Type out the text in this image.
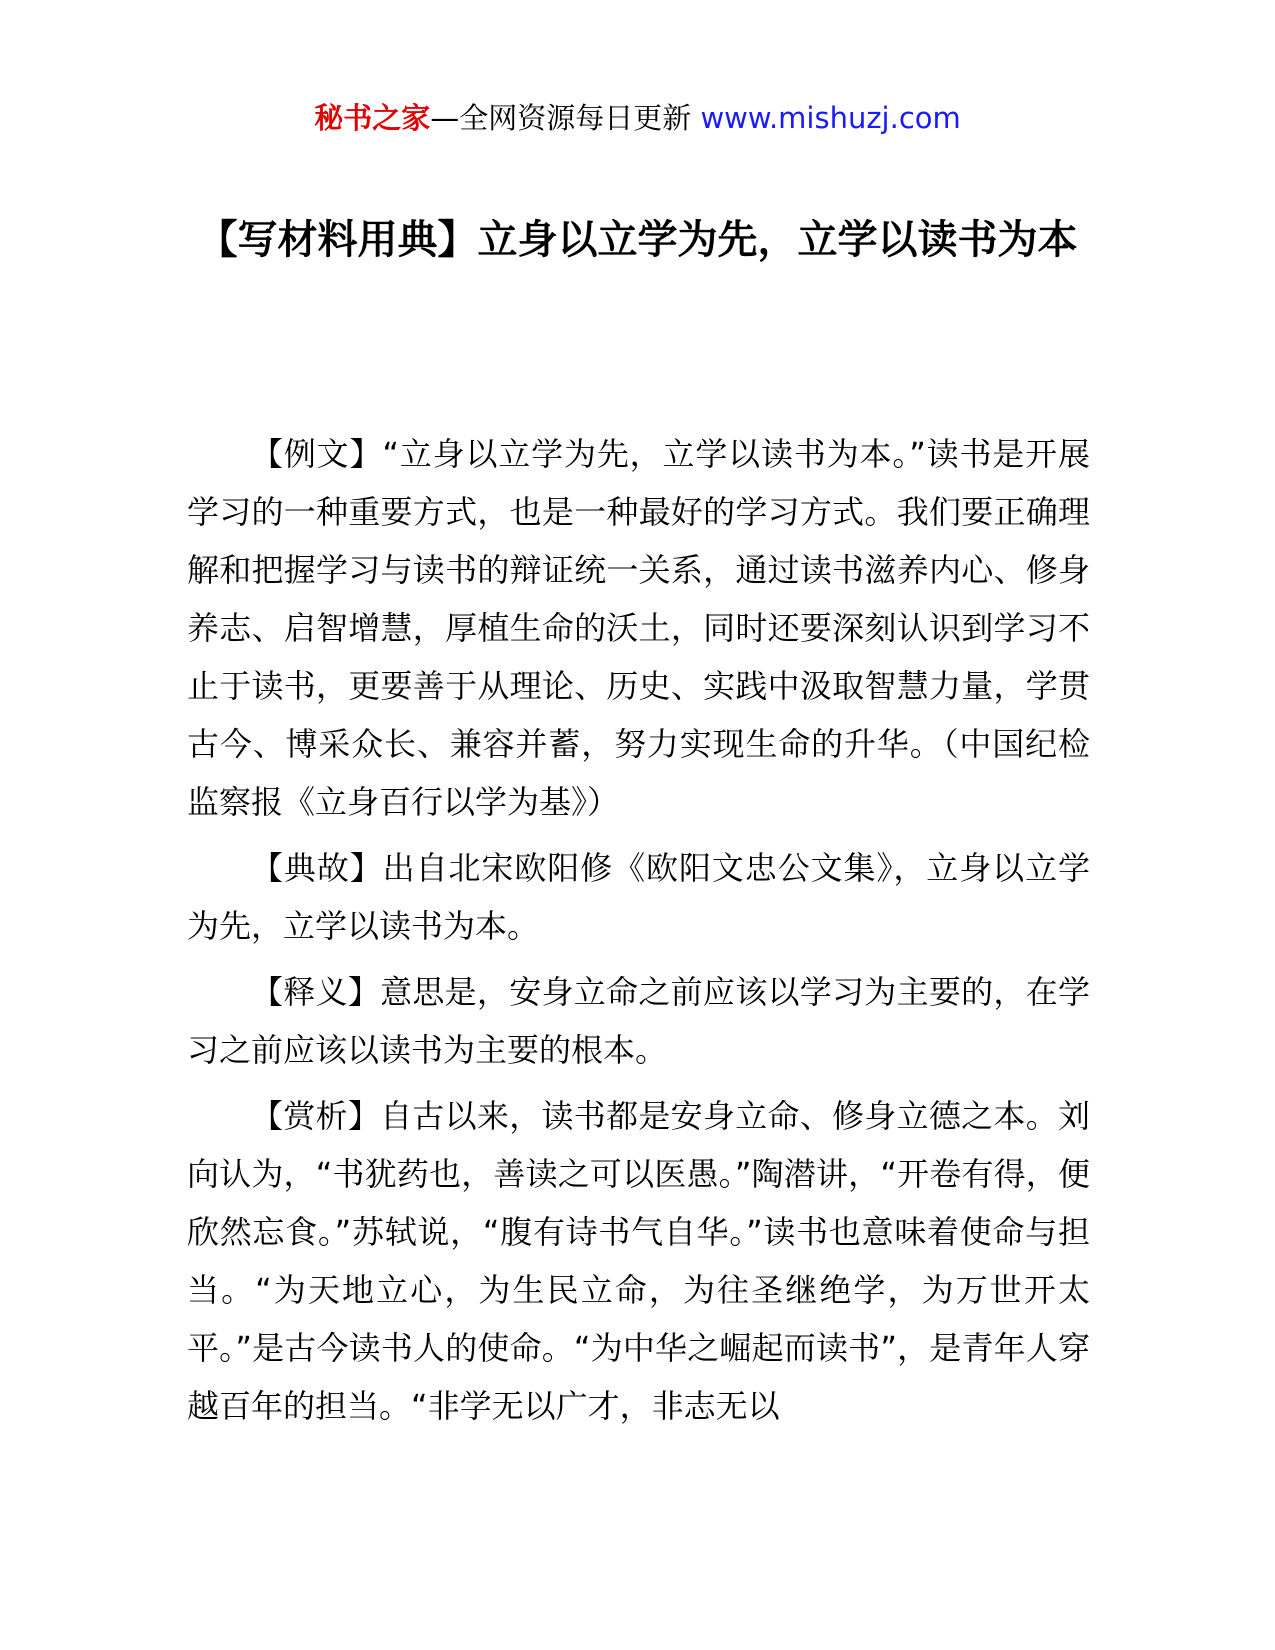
秘书之家—全网资源每日更新 www.mishuzj.com
【写材料用典】立身以立学为先，立学以读书为本

【例文】“立身以立学为先，立学以读书为本。”读书是开展学习的一种重要方式，也是一种最好的学习方式。我们要正确理解和把握学习与读书的辩证统一关系，通过读书滋养内心、修身养志、启智增慧，厚植生命的沃土，同时还要深刻认识到学习不止于读书，更要善于从理论、历史、实践中汲取智慧力量，学贯古今、博采众长、兼容并蓄，努力实现生命的升华。（中国纪检监察报《立身百行以学为基》）

【典故】出自北宋欧阳修《欧阳文忠公文集》，立身以立学为先，立学以读书为本。

【释义】意思是，安身立命之前应该以学习为主要的，在学习之前应该以读书为主要的根本。

【赏析】自古以来，读书都是安身立命、修身立德之本。刘向认为，“书犹药也，善读之可以医愚。”陶潜讲，“开卷有得，便欣然忘食。”苏轼说，“腹有诗书气自华。”读书也意味着使命与担当。“为天地立心，为生民立命，为往圣继绝学，为万世开太平。”是古今读书人的使命。“为中华之崛起而读书”，是青年人穿越百年的担当。“非学无以广才，非志无以
